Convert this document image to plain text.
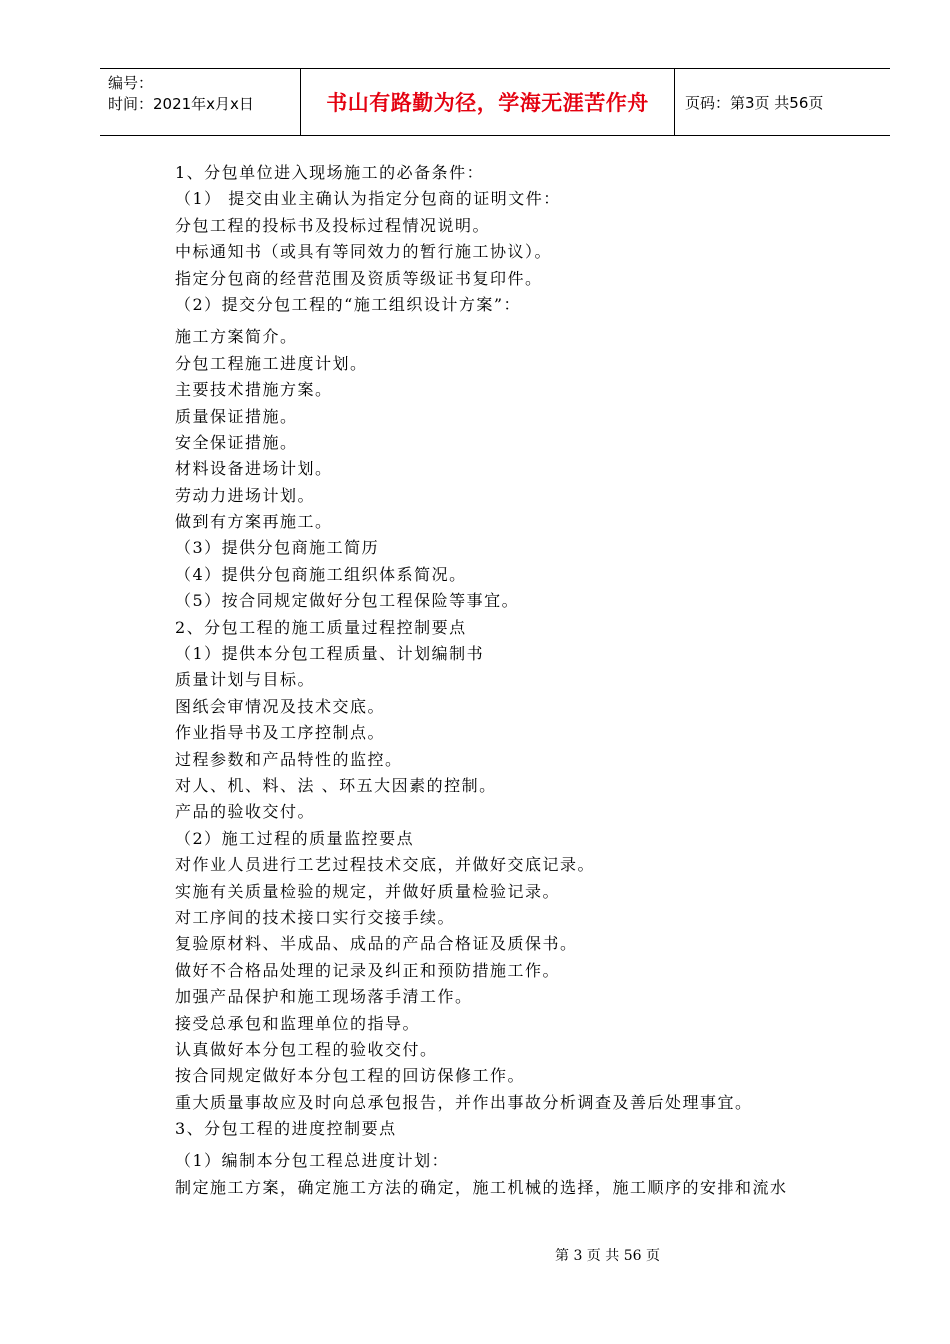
编号：
时间：2021年x月x日	书山有路勤为径，学海无涯苦作舟	页码：第3页 共56页
1、分包单位进入现场施工的必备条件：
（1） 提交由业主确认为指定分包商的证明文件：
分包工程的投标书及投标过程情况说明。
中标通知书（或具有等同效力的暂行施工协议）。
指定分包商的经营范围及资质等级证书复印件。
（2）提交分包工程的“施工组织设计方案”：
施工方案简介。
分包工程施工进度计划。
主要技术措施方案。
质量保证措施。
安全保证措施。
材料设备进场计划。
劳动力进场计划。
做到有方案再施工。
（3）提供分包商施工简历
（4）提供分包商施工组织体系简况。
（5）按合同规定做好分包工程保险等事宜。
2、分包工程的施工质量过程控制要点
（1）提供本分包工程质量、计划编制书
质量计划与目标。
图纸会审情况及技术交底。
作业指导书及工序控制点。
过程参数和产品特性的监控。
对人、机、料、法 、环五大因素的控制。
产品的验收交付。
（2）施工过程的质量监控要点
对作业人员进行工艺过程技术交底，并做好交底记录。
实施有关质量检验的规定，并做好质量检验记录。
对工序间的技术接口实行交接手续。
复验原材料、半成品、成品的产品合格证及质保书。
做好不合格品处理的记录及纠正和预防措施工作。
加强产品保护和施工现场落手清工作。
接受总承包和监理单位的指导。
认真做好本分包工程的验收交付。
按合同规定做好本分包工程的回访保修工作。
重大质量事故应及时向总承包报告，并作出事故分析调查及善后处理事宜。
3、分包工程的进度控制要点
（1）编制本分包工程总进度计划：
制定施工方案，确定施工方法的确定，施工机械的选择，施工顺序的安排和流水
第 3 页 共 56 页
